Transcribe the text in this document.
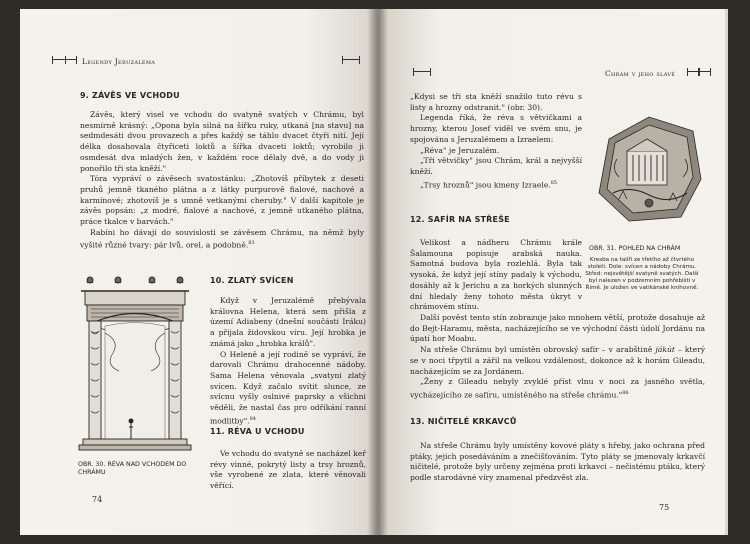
Legendy Jeruzaléma
9. ZÁVĚS VE VCHODU

Závěs, který visel ve vchodu do svatyně svatých v Chrámu, byl nesmírně krásný: „Opona byla silná na šířku ruky, utkaná [na stavu] na sedmdesáti dvou provazech a přes každý se táhlo dvacet čtyři nití. Její délka dosahovala čtyřiceti loktů a šířka dvaceti loktů; vyrobilo ji osmdesát dva mladých žen, v každém roce dělaly dvě, a do vody ji ponořilo tři sta kněží."

Tóra vypráví o závěsech svatostánku: „Zhotovíš příbytek z deseti pruhů jemně tkaného plátna a z látky purpurově fialové, nachové a karmínové; zhotovíš je s umně vetkanými cheruby." V další kapitole je závěs popsán: „z modré, fialové a nachové, z jemně utkaného plátna, práce tkalce v barvách."

Rabíni ho dávají do souvislosti se závěsem Chrámu, na němž byly vyšité různé tvary: pár lvů, orel, a podobně.$^{83}$

OBR. 30. RÉVA NAD VCHODEM DO CHRÁMU
10. ZLATÝ SVÍCEN

Když v Jeruzalémě přebývala královna Helena, která sem přišla z území Adiabeny (dnešní součásti Iráku) a přijala židovskou víru. Její hrobka je známá jako „hrobka králů".

O Heleně a její rodině se vypráví, že darovali Chrámu drahocenné nádoby. Sama Helena věnovala „svatyni zlatý svícen. Když začalo svítit slunce, ze svícnu vyšly oslnivé paprsky a všichni věděli, že nastal čas pro odříkání ranní modlitby".$^{84}$

11. RÉVA U VCHODU

Ve vchodu do svatyně se nacházel keř révy vinné, pokrytý listy a trsy hroznů, vše vyrobené ze zlata, které věnovali věřící.

74
Chrám v jeho slávě

„Kdysi se tři sta kněží snažilo tuto révu s listy a hrozny odstranit." (obr. 30).

Legenda říká, že réva s větvičkami a hrozny, kterou Josef viděl ve svém snu, je spojována s Jeruzalémem a Izraelem:

„Réva" je Jeruzalém.

„Tři větvičky" jsou Chrám, král a nejvyšší kněží.

„Trsy hroznů" jsou kmeny Izraele.$^{85}$

OBR. 31. POHLED NA CHRÁM
Kresba na talíři ze třetího až čtvrtého století. Dole: svícen a nádoby Chrámu. Střed: nejsvětější svatyně svatých. Další byl nalezen v podzemním pohřebišti v Římě. Je uložen ve vatikánské knihovně.
12. SAFÍR NA STŘEŠE

Velikost a nádheru Chrámu krále Šalamouna popisuje arabská nauka. Samotná budova byla rozlehlá. Byla tak vysoká, že když její stíny padaly k východu, dosáhly až k Jerichu a za horkých slunných dní hledaly ženy tohoto města úkryt v chrámovém stínu.

Další pověst tento stín zobrazuje jako mnohem větší, protože dosahuje až do Bejt-Haramu, města, nacházejícího se ve východní části údolí Jordánu na úpatí hor Moabu.

Na střeše Chrámu byl umístěn obrovský safír – v arabštině jákút – který se v noci třpytil a zářil na velkou vzdálenost, dokonce až k horám Gileadu, nacházejícím se za Jordánem.

„Ženy z Gileadu nebyly zvyklé příst vlnu v noci za jasného světla, vycházejícího ze safíru, umístěného na střeše chrámu."$^{86}$

13. NIČITELÉ KRKAVCŮ

Na střeše Chrámu byly umístěny kovové pláty s hřeby, jako ochrana před ptáky, jejich posedáváním a znečišťováním. Tyto pláty se jmenovaly krkavčí ničitelé, protože byly určeny zejména proti krkavci – nečistému ptáku, který podle starodávné víry znamenal předzvěst zla.

75
